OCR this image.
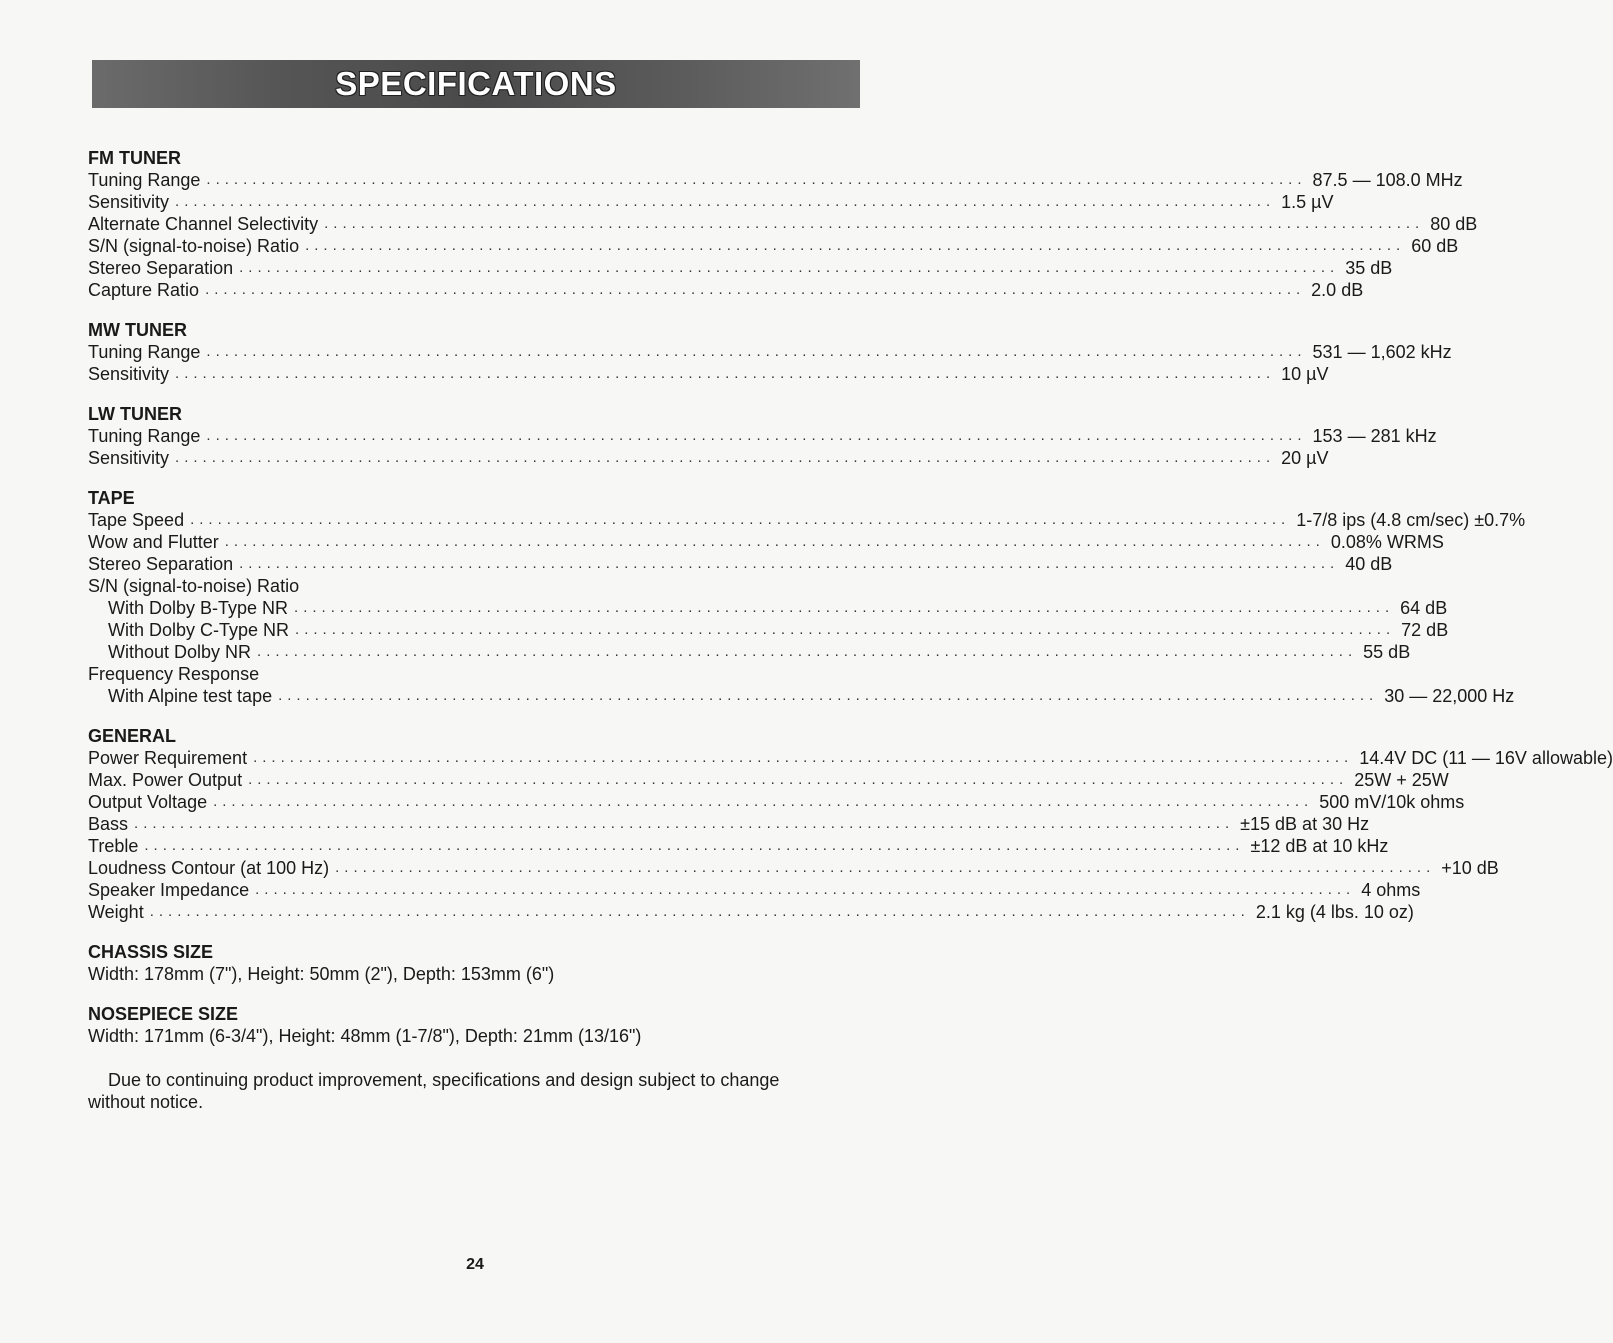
SPECIFICATIONS
FM TUNER
Tuning Range ........................................................................................................................ 87.5 — 108.0 MHz
Sensitivity ........................................................................................................................ 1.5 µV
Alternate Channel Selectivity ........................................................................................................................ 80 dB
S/N (signal-to-noise) Ratio ........................................................................................................................ 60 dB
Stereo Separation ........................................................................................................................ 35 dB
Capture Ratio ........................................................................................................................ 2.0 dB
MW TUNER
Tuning Range ........................................................................................................................ 531 — 1,602 kHz
Sensitivity ........................................................................................................................ 10 µV
LW TUNER
Tuning Range ........................................................................................................................ 153 — 281 kHz
Sensitivity ........................................................................................................................ 20 µV
TAPE
Tape Speed ........................................................................................................................ 1-7/8 ips (4.8 cm/sec) ±0.7%
Wow and Flutter ........................................................................................................................ 0.08% WRMS
Stereo Separation ........................................................................................................................ 40 dB
S/N (signal-to-noise) Ratio
With Dolby B-Type NR ........................................................................................................................ 64 dB
With Dolby C-Type NR ........................................................................................................................ 72 dB
Without Dolby NR ........................................................................................................................ 55 dB
Frequency Response
With Alpine test tape ........................................................................................................................ 30 — 22,000 Hz
GENERAL
Power Requirement ........................................................................................................................ 14.4V DC (11 — 16V allowable)
Max. Power Output ........................................................................................................................ 25W + 25W
Output Voltage ........................................................................................................................ 500 mV/10k ohms
Bass ........................................................................................................................ ±15 dB at 30 Hz
Treble ........................................................................................................................ ±12 dB at 10 kHz
Loudness Contour (at 100 Hz) ........................................................................................................................ +10 dB
Speaker Impedance ........................................................................................................................ 4 ohms
Weight ........................................................................................................................ 2.1 kg (4 lbs. 10 oz)
CHASSIS SIZE
Width: 178mm (7"), Height: 50mm (2"), Depth: 153mm (6")
NOSEPIECE SIZE
Width: 171mm (6-3/4"), Height: 48mm (1-7/8"), Depth: 21mm (13/16")
Due to continuing product improvement, specifications and design subject to change without notice.
24
